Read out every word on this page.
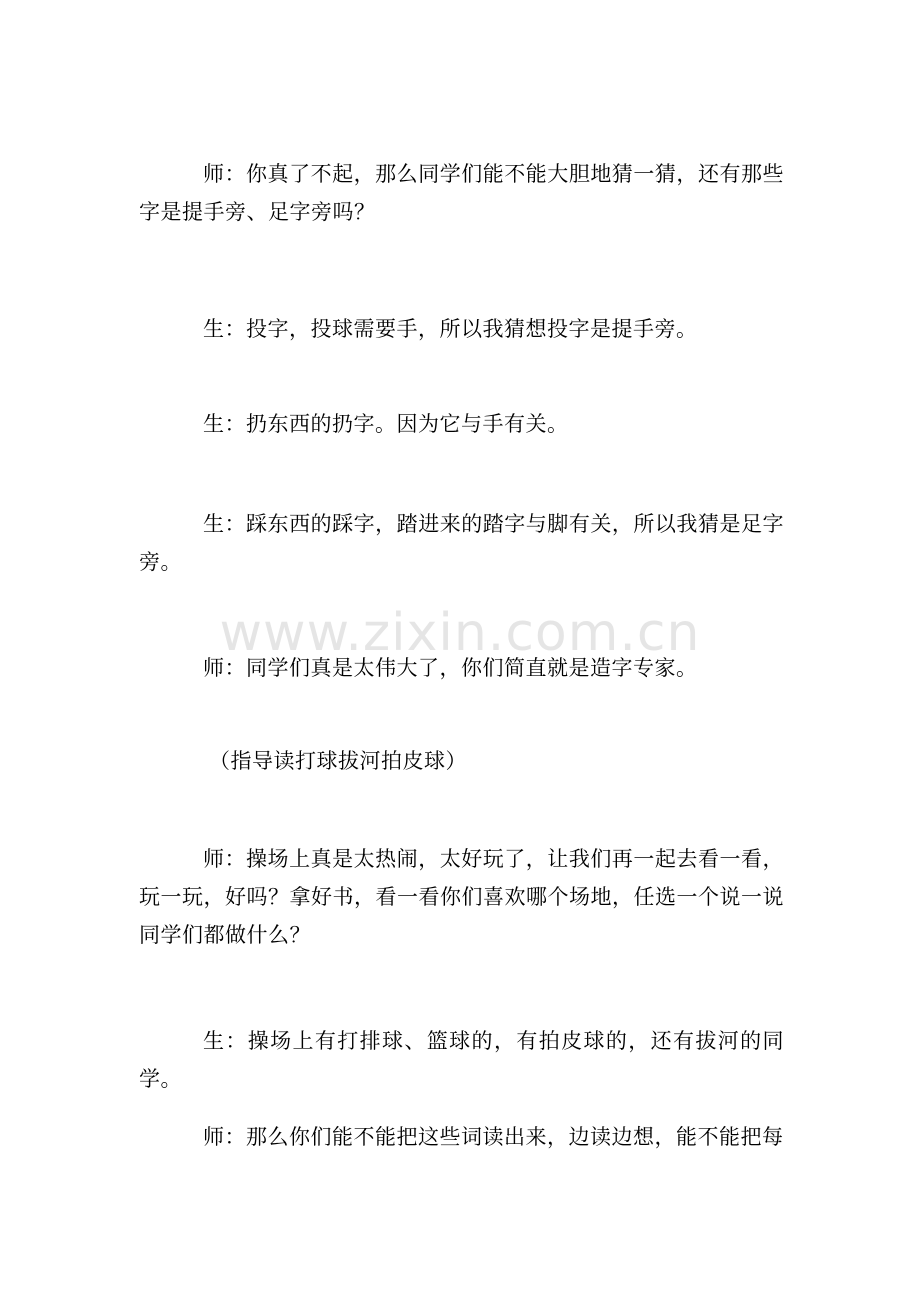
师：你真了不起，那么同学们能不能大胆地猜一猜，还有那些字是提手旁、足字旁吗？

生：投字，投球需要手，所以我猜想投字是提手旁。

生：扔东西的扔字。因为它与手有关。

生：踩东西的踩字，踏进来的踏字与脚有关，所以我猜是足字旁。

师：同学们真是太伟大了，你们简直就是造字专家。

（指导读打球拔河拍皮球）

师：操场上真是太热闹，太好玩了，让我们再一起去看一看，玩一玩，好吗？拿好书，看一看你们喜欢哪个场地，任选一个说一说同学们都做什么？

生：操场上有打排球、篮球的，有拍皮球的，还有拔河的同学。

师：那么你们能不能把这些词读出来，边读边想，能不能把每

www.zixin.com.cn
